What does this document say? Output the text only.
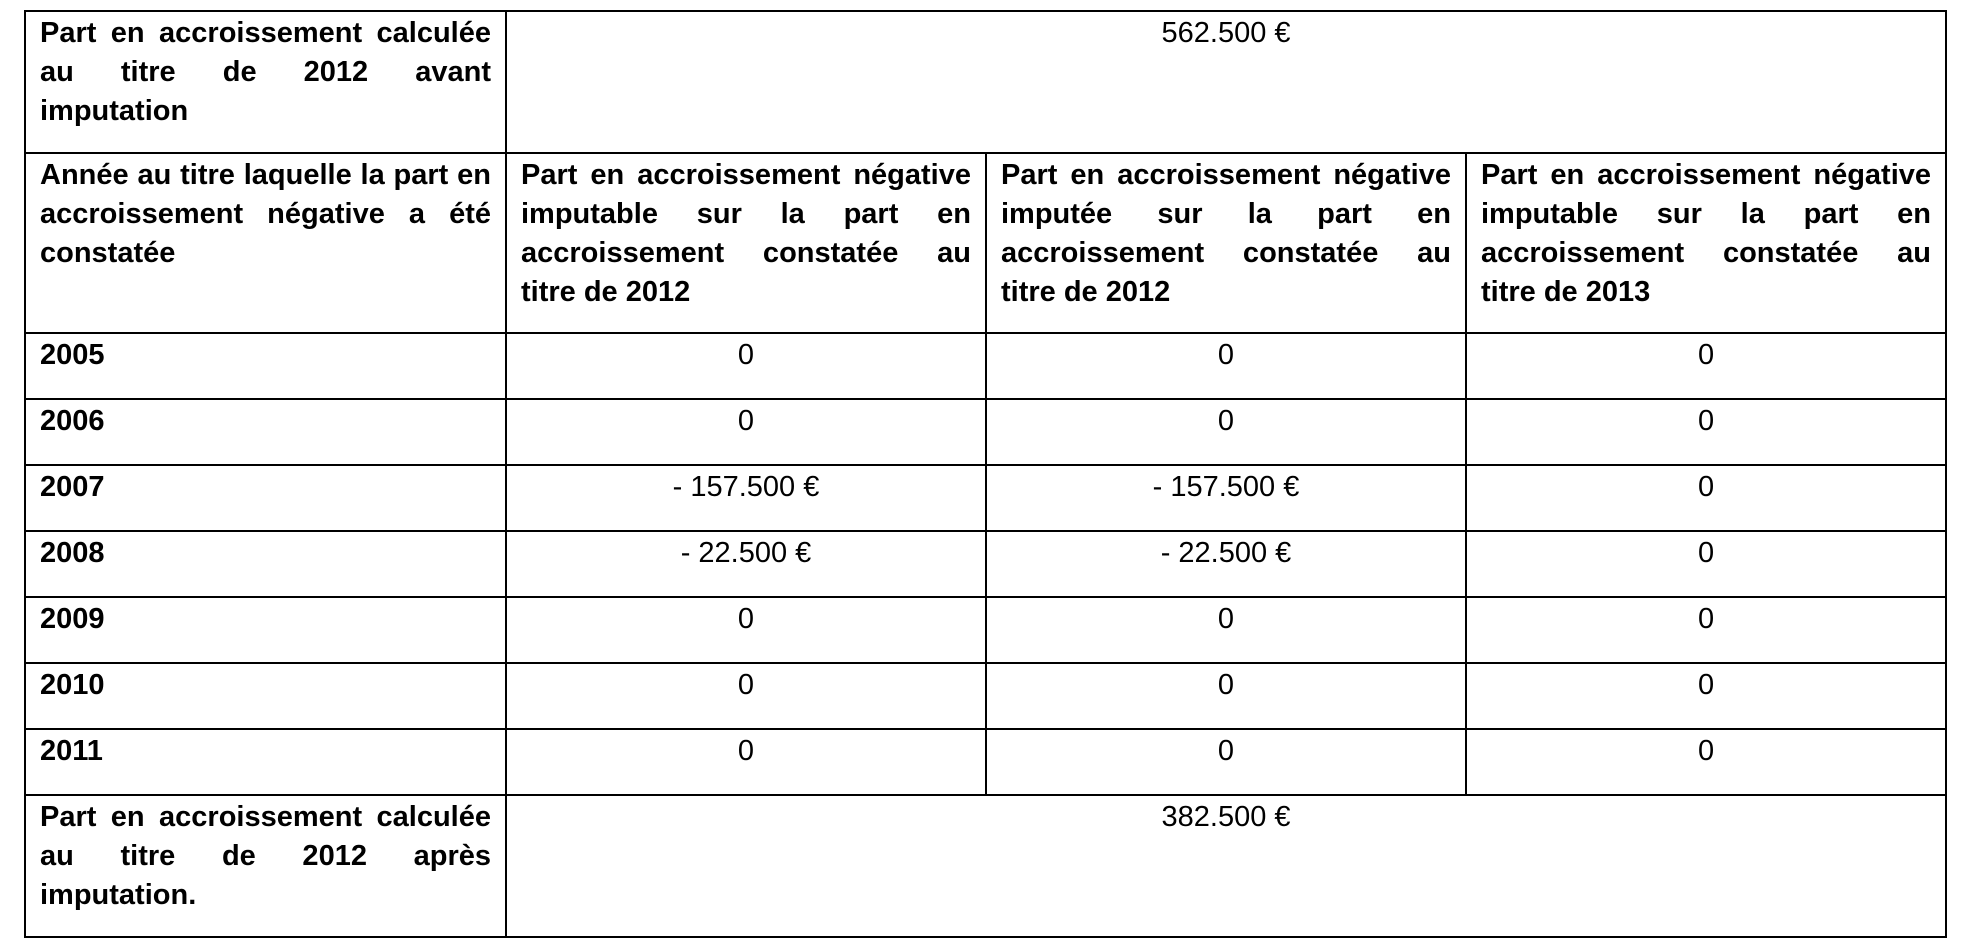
Part en accroissement calculée au titre de 2012 avant imputation	562.500 €		
Année au titre laquelle la part en accroissement négative a été constatée	Part en accroissement négative imputable sur la part en accroissement constatée au titre de 2012	Part en accroissement négative imputée sur la part en accroissement constatée au titre de 2012	Part en accroissement négative imputable sur la part en accroissement constatée au titre de 2013
2005	0	0	0
2006	0	0	0
2007	- 157.500 €	- 157.500 €	0
2008	- 22.500 €	- 22.500 €	0
2009	0	0	0
2010	0	0	0
2011	0	0	0
Part en accroissement calculée au titre de 2012 après imputation.	382.500 €		
